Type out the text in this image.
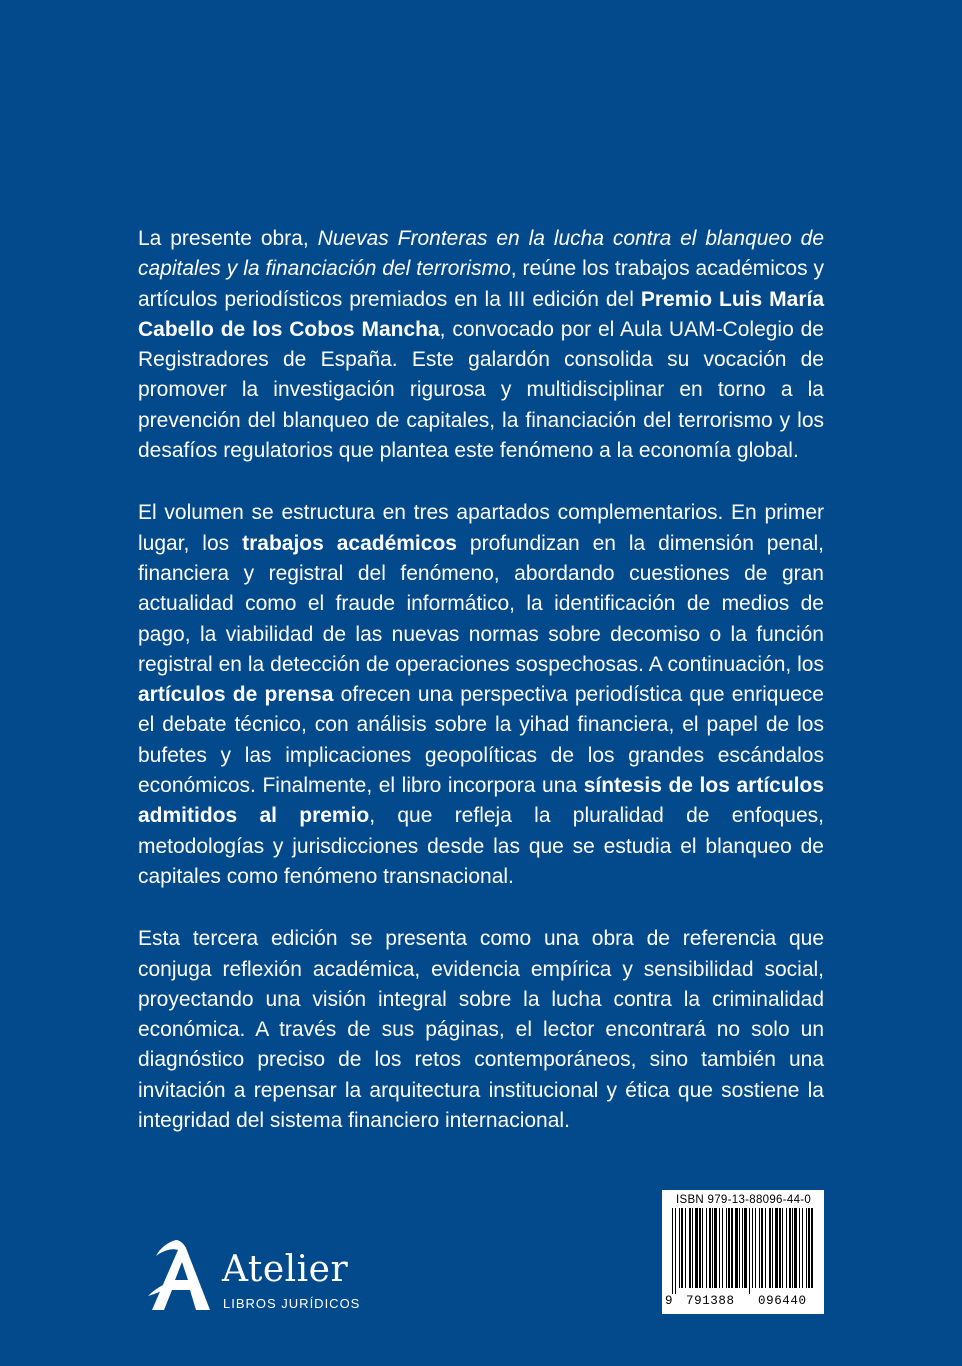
La presente obra, Nuevas Fronteras en la lucha contra el blanqueo de capitales y la financiación del terrorismo, reúne los trabajos académicos y artículos periodísticos premiados en la III edición del Premio Luis María Cabello de los Cobos Mancha, convocado por el Aula UAM-Colegio de Registradores de España. Este galardón consolida su vocación de promover la investigación rigurosa y multidisciplinar en torno a la prevención del blanqueo de capitales, la financiación del terrorismo y los desafíos regulatorios que plantea este fenómeno a la economía global.

El volumen se estructura en tres apartados complementarios. En primer lugar, los trabajos académicos profundizan en la dimensión penal, financiera y registral del fenómeno, abordando cuestiones de gran actualidad como el fraude informático, la identificación de medios de pago, la viabilidad de las nuevas normas sobre decomiso o la función registral en la detección de operaciones sospechosas. A continuación, los artículos de prensa ofrecen una perspectiva periodística que enriquece el debate técnico, con análisis sobre la yihad financiera, el papel de los bufetes y las implicaciones geopolíticas de los grandes escándalos económicos. Finalmente, el libro incorpora una síntesis de los artículos admitidos al premio, que refleja la pluralidad de enfoques, metodologías y jurisdicciones desde las que se estudia el blanqueo de capitales como fenómeno transnacional.

Esta tercera edición se presenta como una obra de referencia que conjuga reflexión académica, evidencia empírica y sensibilidad social, proyectando una visión integral sobre la lucha contra la criminalidad económica. A través de sus páginas, el lector encontrará no solo un diagnóstico preciso de los retos contemporáneos, sino también una invitación a repensar la arquitectura institucional y ética que sostiene la integridad del sistema financiero internacional.

Atelier
LIBROS JURÍDICOS
ISBN 979-13-88096-44-0
9 791388 096440
